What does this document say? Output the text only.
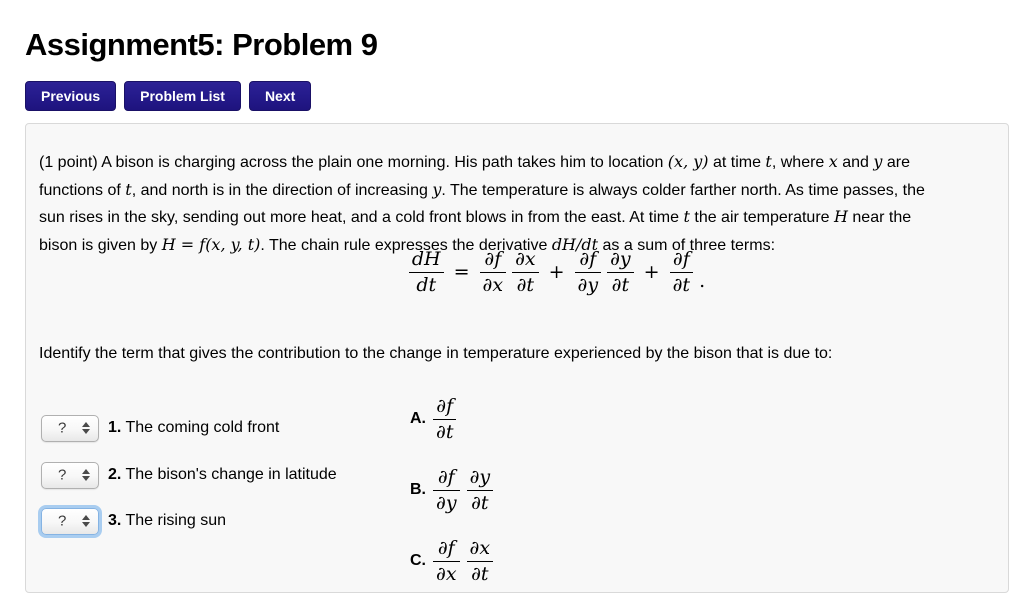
Assignment5: Problem 9
Previous	Problem List	Next

(1 point) A bison is charging across the plain one morning. His path takes him to location (x, y) at time t, where x and y are
functions of t, and north is in the direction of increasing y. The temperature is always colder farther north. As time passes, the
sun rises in the sky, sending out more heat, and a cold front blows in from the east. At time t the air temperature H near the
bison is given by H = f(x, y, t). The chain rule expresses the derivative dH/dt as a sum of three terms:

$\frac{dH}{dt} = \frac{\partial f}{\partial x} \frac{\partial x}{\partial t} + \frac{\partial f}{\partial y} \frac{\partial y}{\partial t} + \frac{\partial f}{\partial t}$ .
Identify the term that gives the contribution to the change in temperature experienced by the bison that is due to:
?	1. The coming cold front
?	2. The bison's change in latitude
?	3. The rising sun
A. $\frac{\partial f}{\partial t}$
B. $\frac{\partial f}{\partial y} \frac{\partial y}{\partial t}$
C. $\frac{\partial f}{\partial x} \frac{\partial x}{\partial t}$
